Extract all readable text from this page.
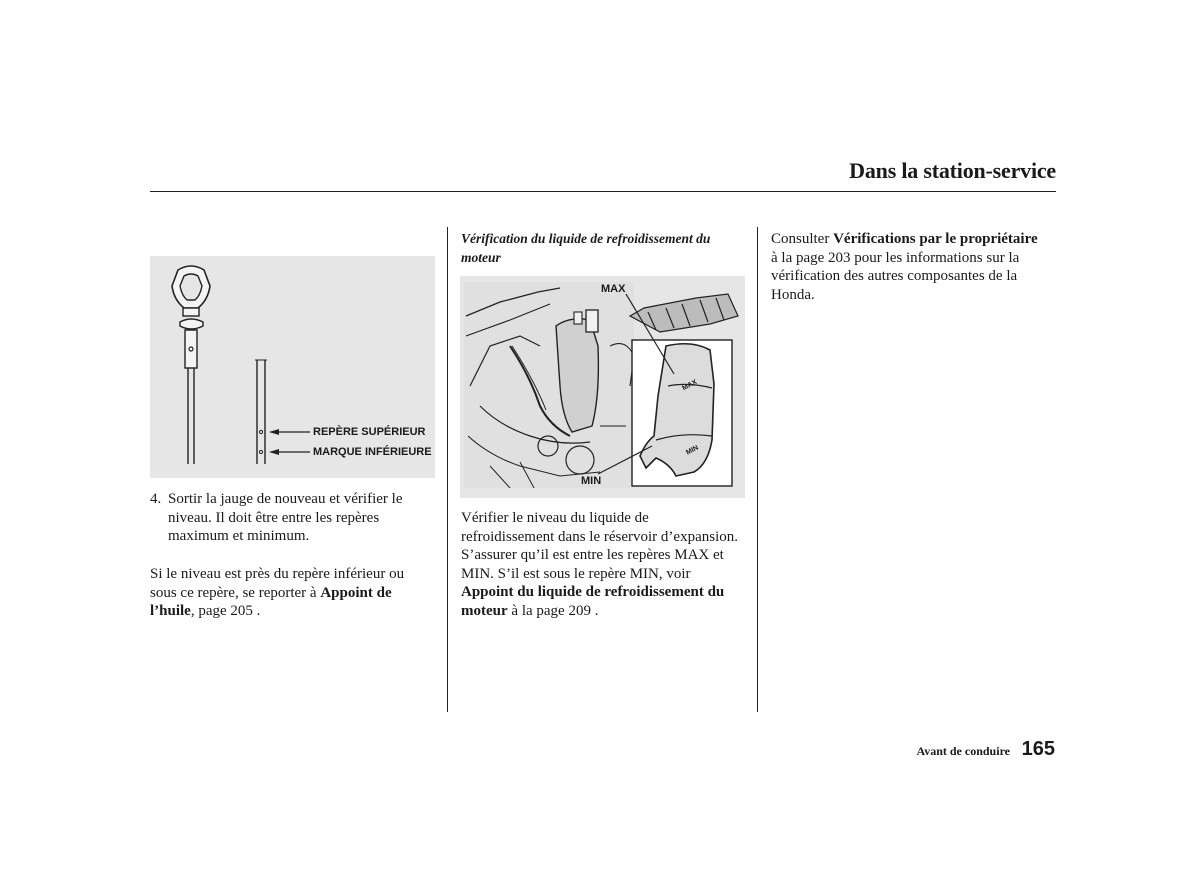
Dans la station-service
REPÈRE SUPÉRIEUR
MARQUE INFÉRIEURE
4. Sortir la jauge de nouveau et vérifier le
niveau. Il doit être entre les repères
maximum et minimum.
Si le niveau est près du repère inférieur ou
sous ce repère, se reporter à Appoint de
l’huile, page 205 .
Vérification du liquide de refroidissement du
moteur
MAX
MIN
MAX
MIN
Vérifier le niveau du liquide de
refroidissement dans le réservoir d’expansion.
S’assurer qu’il est entre les repères MAX et
MIN. S’il est sous le repère MIN, voir
Appoint du liquide de refroidissement du
moteur à la page 209 .
Consulter Vérifications par le propriétaire
à la page 203 pour les informations sur la
vérification des autres composantes de la
Honda.
Avant de conduire 165
